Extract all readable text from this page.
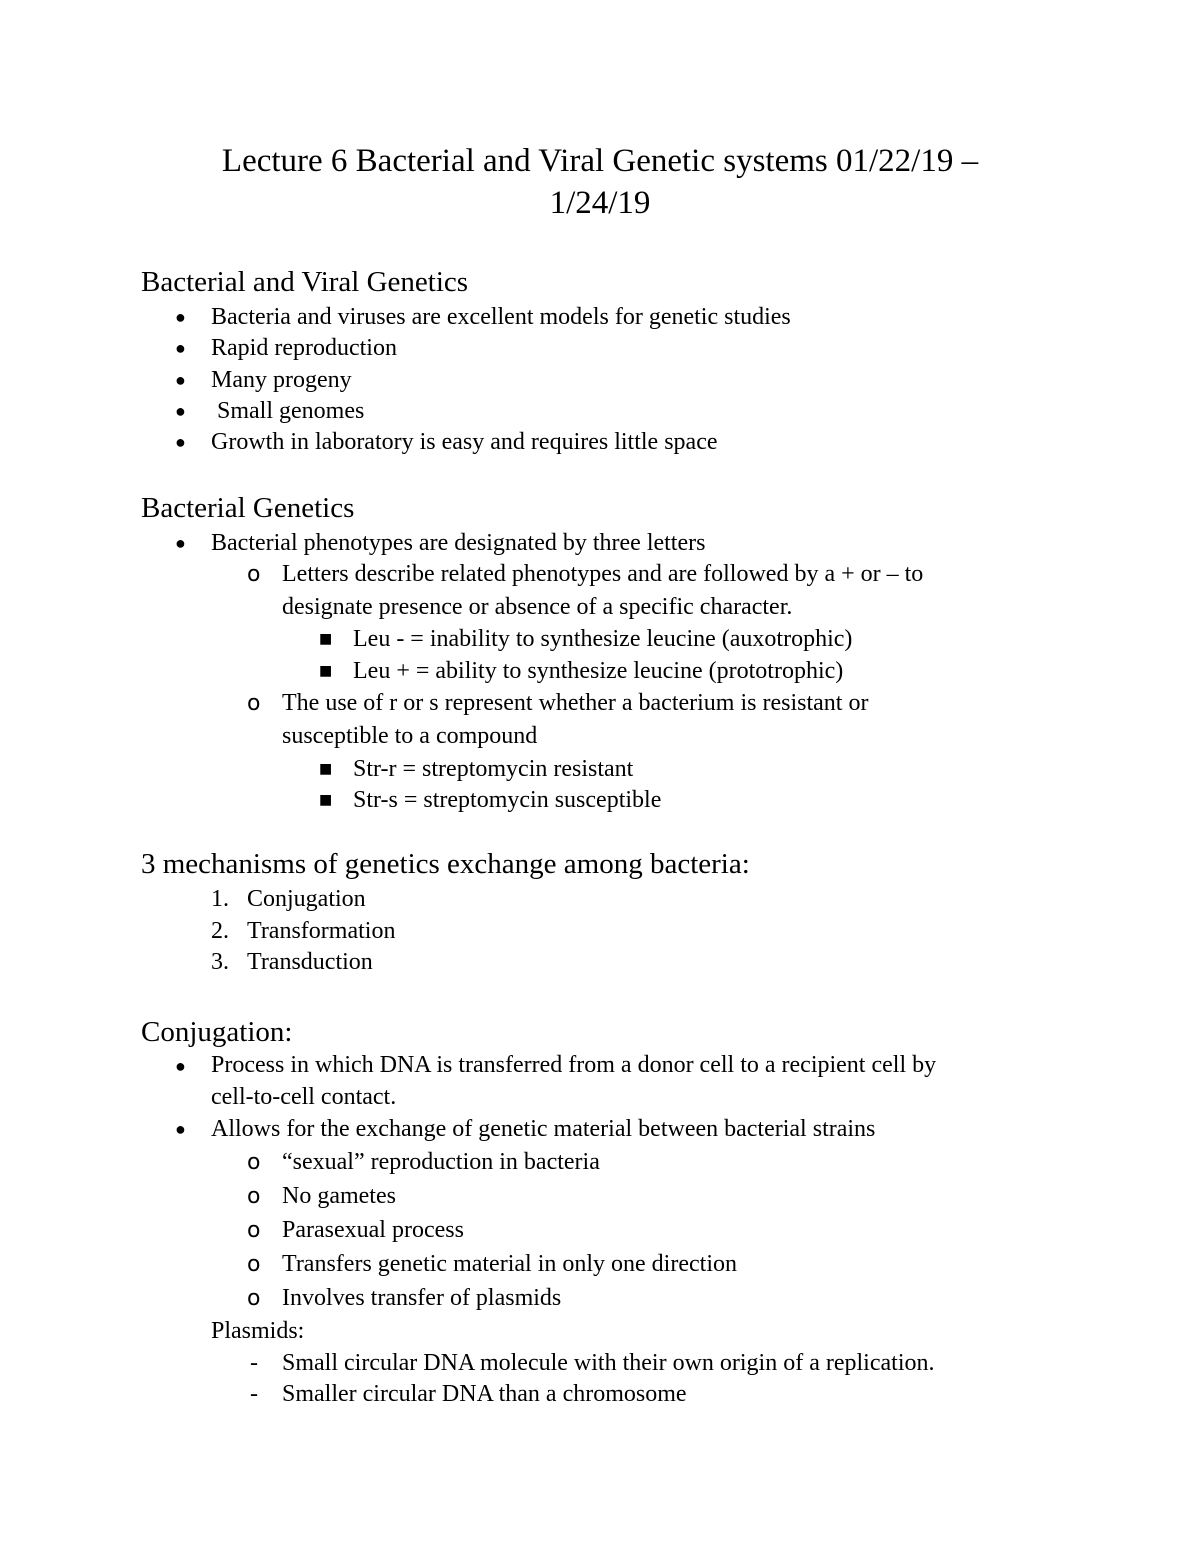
Lecture 6 Bacterial and Viral Genetic systems 01/22/19 –
1/24/19
Bacterial and Viral Genetics
● Bacteria and viruses are excellent models for genetic studies
● Rapid reproduction
● Many progeny
● Small genomes
● Growth in laboratory is easy and requires little space
Bacterial Genetics
● Bacterial phenotypes are designated by three letters
o Letters describe related phenotypes and are followed by a + or – to
designate presence or absence of a specific character.
■ Leu - = inability to synthesize leucine (auxotrophic)
■ Leu + = ability to synthesize leucine (prototrophic)
o The use of r or s represent whether a bacterium is resistant or
susceptible to a compound
■ Str-r = streptomycin resistant
■ Str-s = streptomycin susceptible
3 mechanisms of genetics exchange among bacteria:
1. Conjugation
2. Transformation
3. Transduction
Conjugation:
● Process in which DNA is transferred from a donor cell to a recipient cell by
cell-to-cell contact.
● Allows for the exchange of genetic material between bacterial strains
o “sexual” reproduction in bacteria
o No gametes
o Parasexual process
o Transfers genetic material in only one direction
o Involves transfer of plasmids
Plasmids:
- Small circular DNA molecule with their own origin of a replication.
- Smaller circular DNA than a chromosome
